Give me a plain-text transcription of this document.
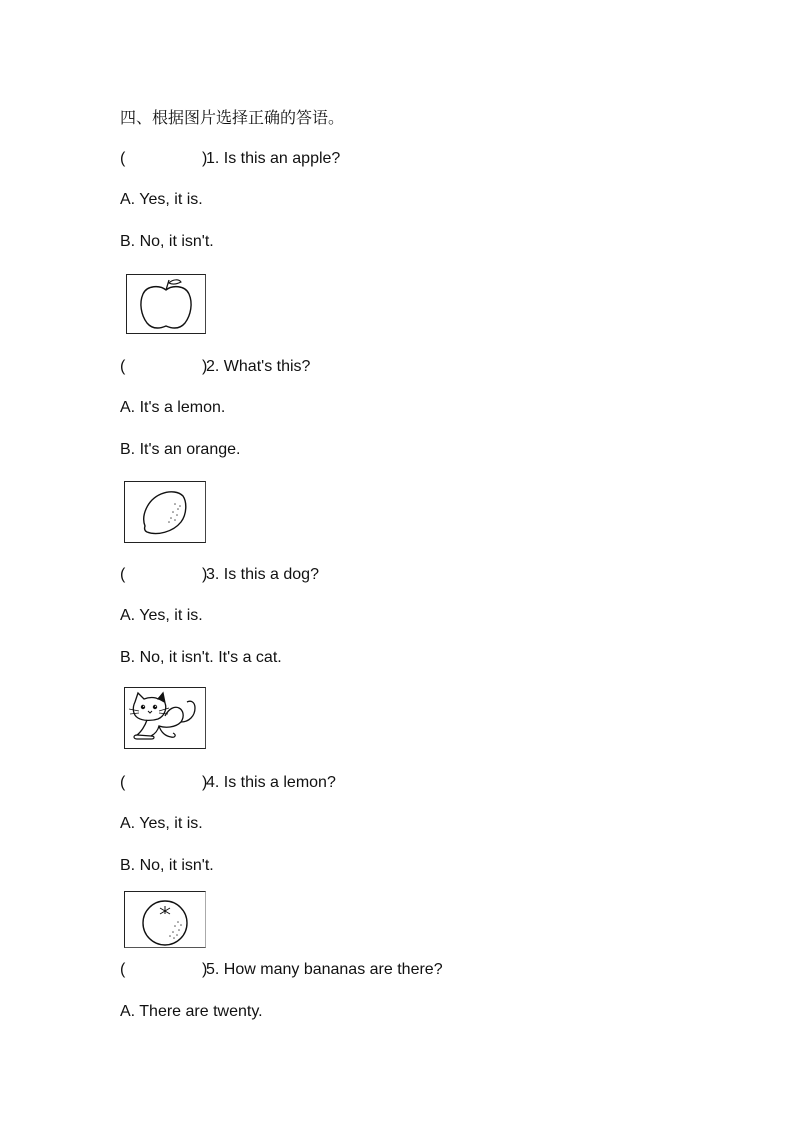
四、根据图片选择正确的答语。

(

	)

1. Is this an apple?

A. Yes, it is.
B. No, it isn't.

(

	)

2. What's this?

A. It's a lemon.
B. It's an orange.

(

	)

3. Is this a dog?

A. Yes, it is.
B. No, it isn't. It's a cat.

(

	)

4. Is this a lemon?

A. Yes, it is.
B. No, it isn't.

(

	)

5. How many bananas are there?

A. There are twenty.
